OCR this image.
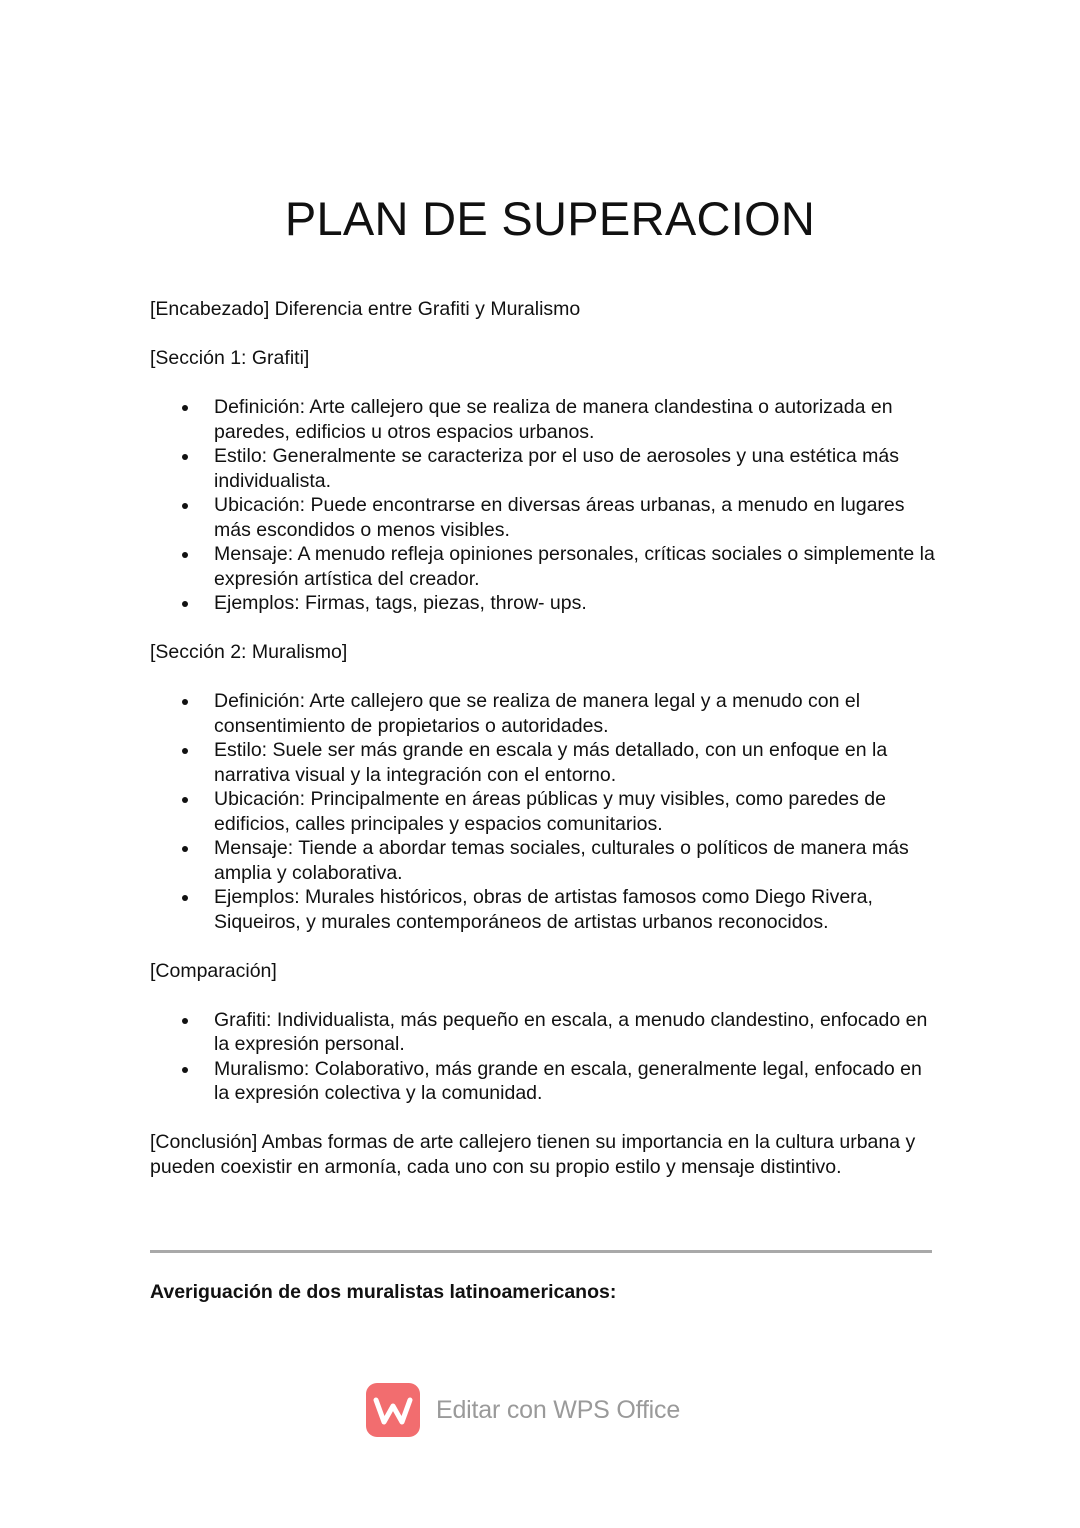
PLAN DE SUPERACION

[Encabezado] Diferencia entre Grafiti y Muralismo

[Sección 1: Grafiti]

Definición: Arte callejero que se realiza de manera clandestina o autorizada en paredes, edificios u otros espacios urbanos.
Estilo: Generalmente se caracteriza por el uso de aerosoles y una estética más individualista.
Ubicación: Puede encontrarse en diversas áreas urbanas, a menudo en lugares más escondidos o menos visibles.
Mensaje: A menudo refleja opiniones personales, críticas sociales o simplemente la expresión artística del creador.
Ejemplos: Firmas, tags, piezas, throw- ups.

[Sección 2: Muralismo]

Definición: Arte callejero que se realiza de manera legal y a menudo con el consentimiento de propietarios o autoridades.
Estilo: Suele ser más grande en escala y más detallado, con un enfoque en la narrativa visual y la integración con el entorno.
Ubicación: Principalmente en áreas públicas y muy visibles, como paredes de edificios, calles principales y espacios comunitarios.
Mensaje: Tiende a abordar temas sociales, culturales o políticos de manera más amplia y colaborativa.
Ejemplos: Murales históricos, obras de artistas famosos como Diego Rivera, Siqueiros, y murales contemporáneos de artistas urbanos reconocidos.

[Comparación]

Grafiti: Individualista, más pequeño en escala, a menudo clandestino, enfocado en la expresión personal.
Muralismo: Colaborativo, más grande en escala, generalmente legal, enfocado en la expresión colectiva y la comunidad.

[Conclusión] Ambas formas de arte callejero tienen su importancia en la cultura urbana y pueden coexistir en armonía, cada uno con su propio estilo y mensaje distintivo.

Averiguación de dos muralistas latinoamericanos:

Editar con WPS Office
